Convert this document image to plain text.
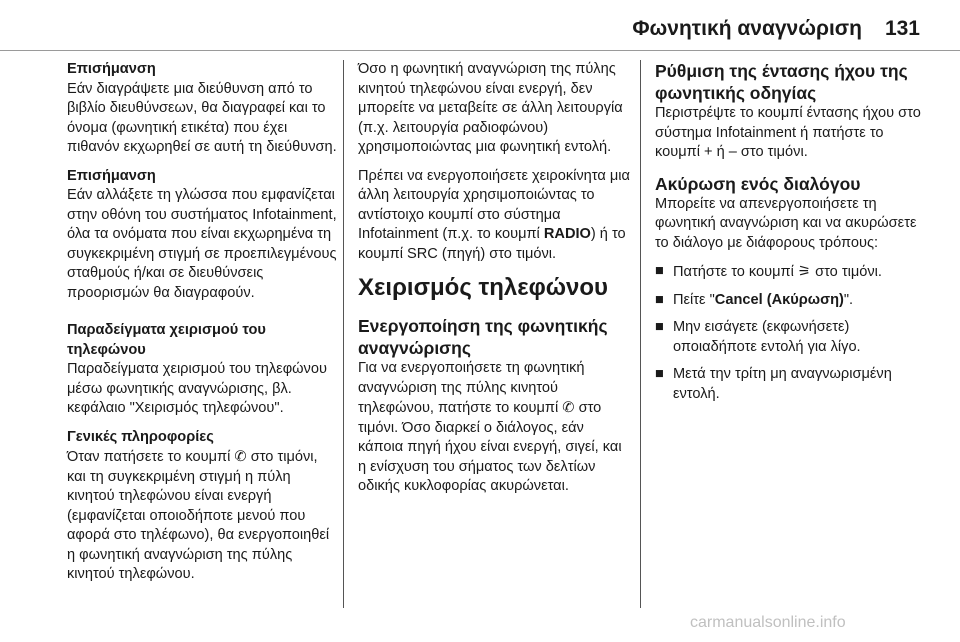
Φωνητική αναγνώριση 131
Επισήμανση

Εάν διαγράψετε μια διεύθυνση από το βιβλίο διευθύνσεων, θα διαγραφεί και το όνομα (φωνητική ετικέτα) που έχει πιθανόν εκχωρηθεί σε αυτή τη διεύθυνση.

Επισήμανση

Εάν αλλάξετε τη γλώσσα που εμφανίζεται στην οθόνη του συστήματος Infotainment, όλα τα ονόματα που είναι εκχωρημένα τη συγκεκριμένη στιγμή σε προεπιλεγμένους σταθμούς ή/και σε διευθύνσεις προορισμών θα διαγραφούν.

Παραδείγματα χειρισμού του τηλεφώνου

Παραδείγματα χειρισμού του τηλεφώνου μέσω φωνητικής αναγνώρισης, βλ. κεφάλαιο "Χειρισμός τηλεφώνου".

Γενικές πληροφορίες

Όταν πατήσετε το κουμπί ✆ στο τιμόνι, και τη συγκεκριμένη στιγμή η πύλη κινητού τηλεφώνου είναι ενεργή (εμφανίζεται οποιοδήποτε μενού που αφορά στο τηλέφωνο), θα ενεργοποιηθεί η φωνητική αναγνώριση της πύλης κινητού τηλεφώνου.

Όσο η φωνητική αναγνώριση της πύλης κινητού τηλεφώνου είναι ενεργή, δεν μπορείτε να μεταβείτε σε άλλη λειτουργία (π.χ. λειτουργία ραδιοφώνου) χρησιμοποιώντας μια φωνητική εντολή.

Πρέπει να ενεργοποιήσετε χειροκίνητα μια άλλη λειτουργία χρησιμοποιώντας το αντίστοιχο κουμπί στο σύστημα Infotainment (π.χ. το κουμπί RADIO) ή το κουμπί SRC (πηγή) στο τιμόνι.

Χειρισμός τηλεφώνου
Ενεργοποίηση της φωνητικής αναγνώρισης

Για να ενεργοποιήσετε τη φωνητική αναγνώριση της πύλης κινητού τηλεφώνου, πατήστε το κουμπί ✆ στο τιμόνι. Όσο διαρκεί ο διάλογος, εάν κάποια πηγή ήχου είναι ενεργή, σιγεί, και η ενίσχυση του σήματος των δελτίων οδικής κυκλοφορίας ακυρώνεται.

Ρύθμιση της έντασης ήχου της φωνητικής οδηγίας

Περιστρέψτε το κουμπί έντασης ήχου στο σύστημα Infotainment ή πατήστε το κουμπί + ή – στο τιμόνι.

Ακύρωση ενός διαλόγου

Μπορείτε να απενεργοποιήσετε τη φωνητική αναγνώριση και να ακυρώσετε το διάλογο με διάφορους τρόπους:

■ Πατήστε το κουμπί ⚞ στο τιμόνι.
■ Πείτε "Cancel (Ακύρωση)".
■ Μην εισάγετε (εκφωνήσετε) οποιαδήποτε εντολή για λίγο.
■ Μετά την τρίτη μη αναγνωρισμένη εντολή.
carmanualsonline.info
